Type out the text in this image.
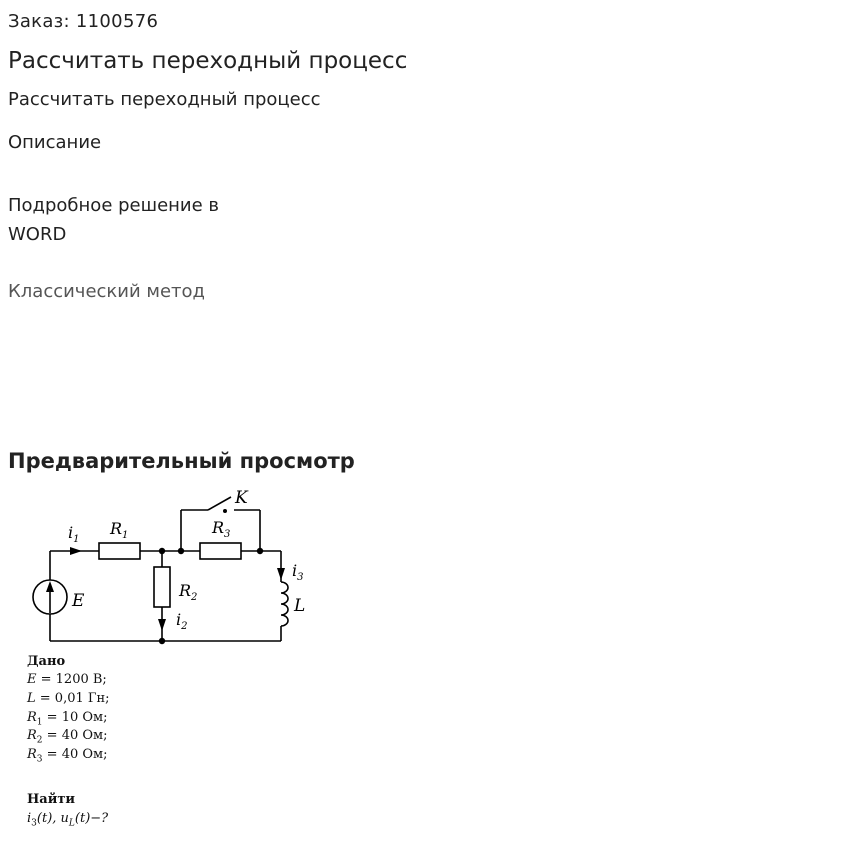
Заказ: 1100576
Рассчитать переходный процесс
Рассчитать переходный процесс
Описание
Подробное решение в
WORD
Классический метод
Предварительный просмотр
$i_1$
$R_1$	$R_3$
$R_2$
$i_2$
$i_3$
E	L
K
Дано
E = 1200 В;
L = 0,01 Гн;
$R_1 = 10$ Ом;
$R_2 = 40$ Ом;
$R_3 = 40$ Ом;
Найти
$i_3(t)$, $u_L(t)-$?
